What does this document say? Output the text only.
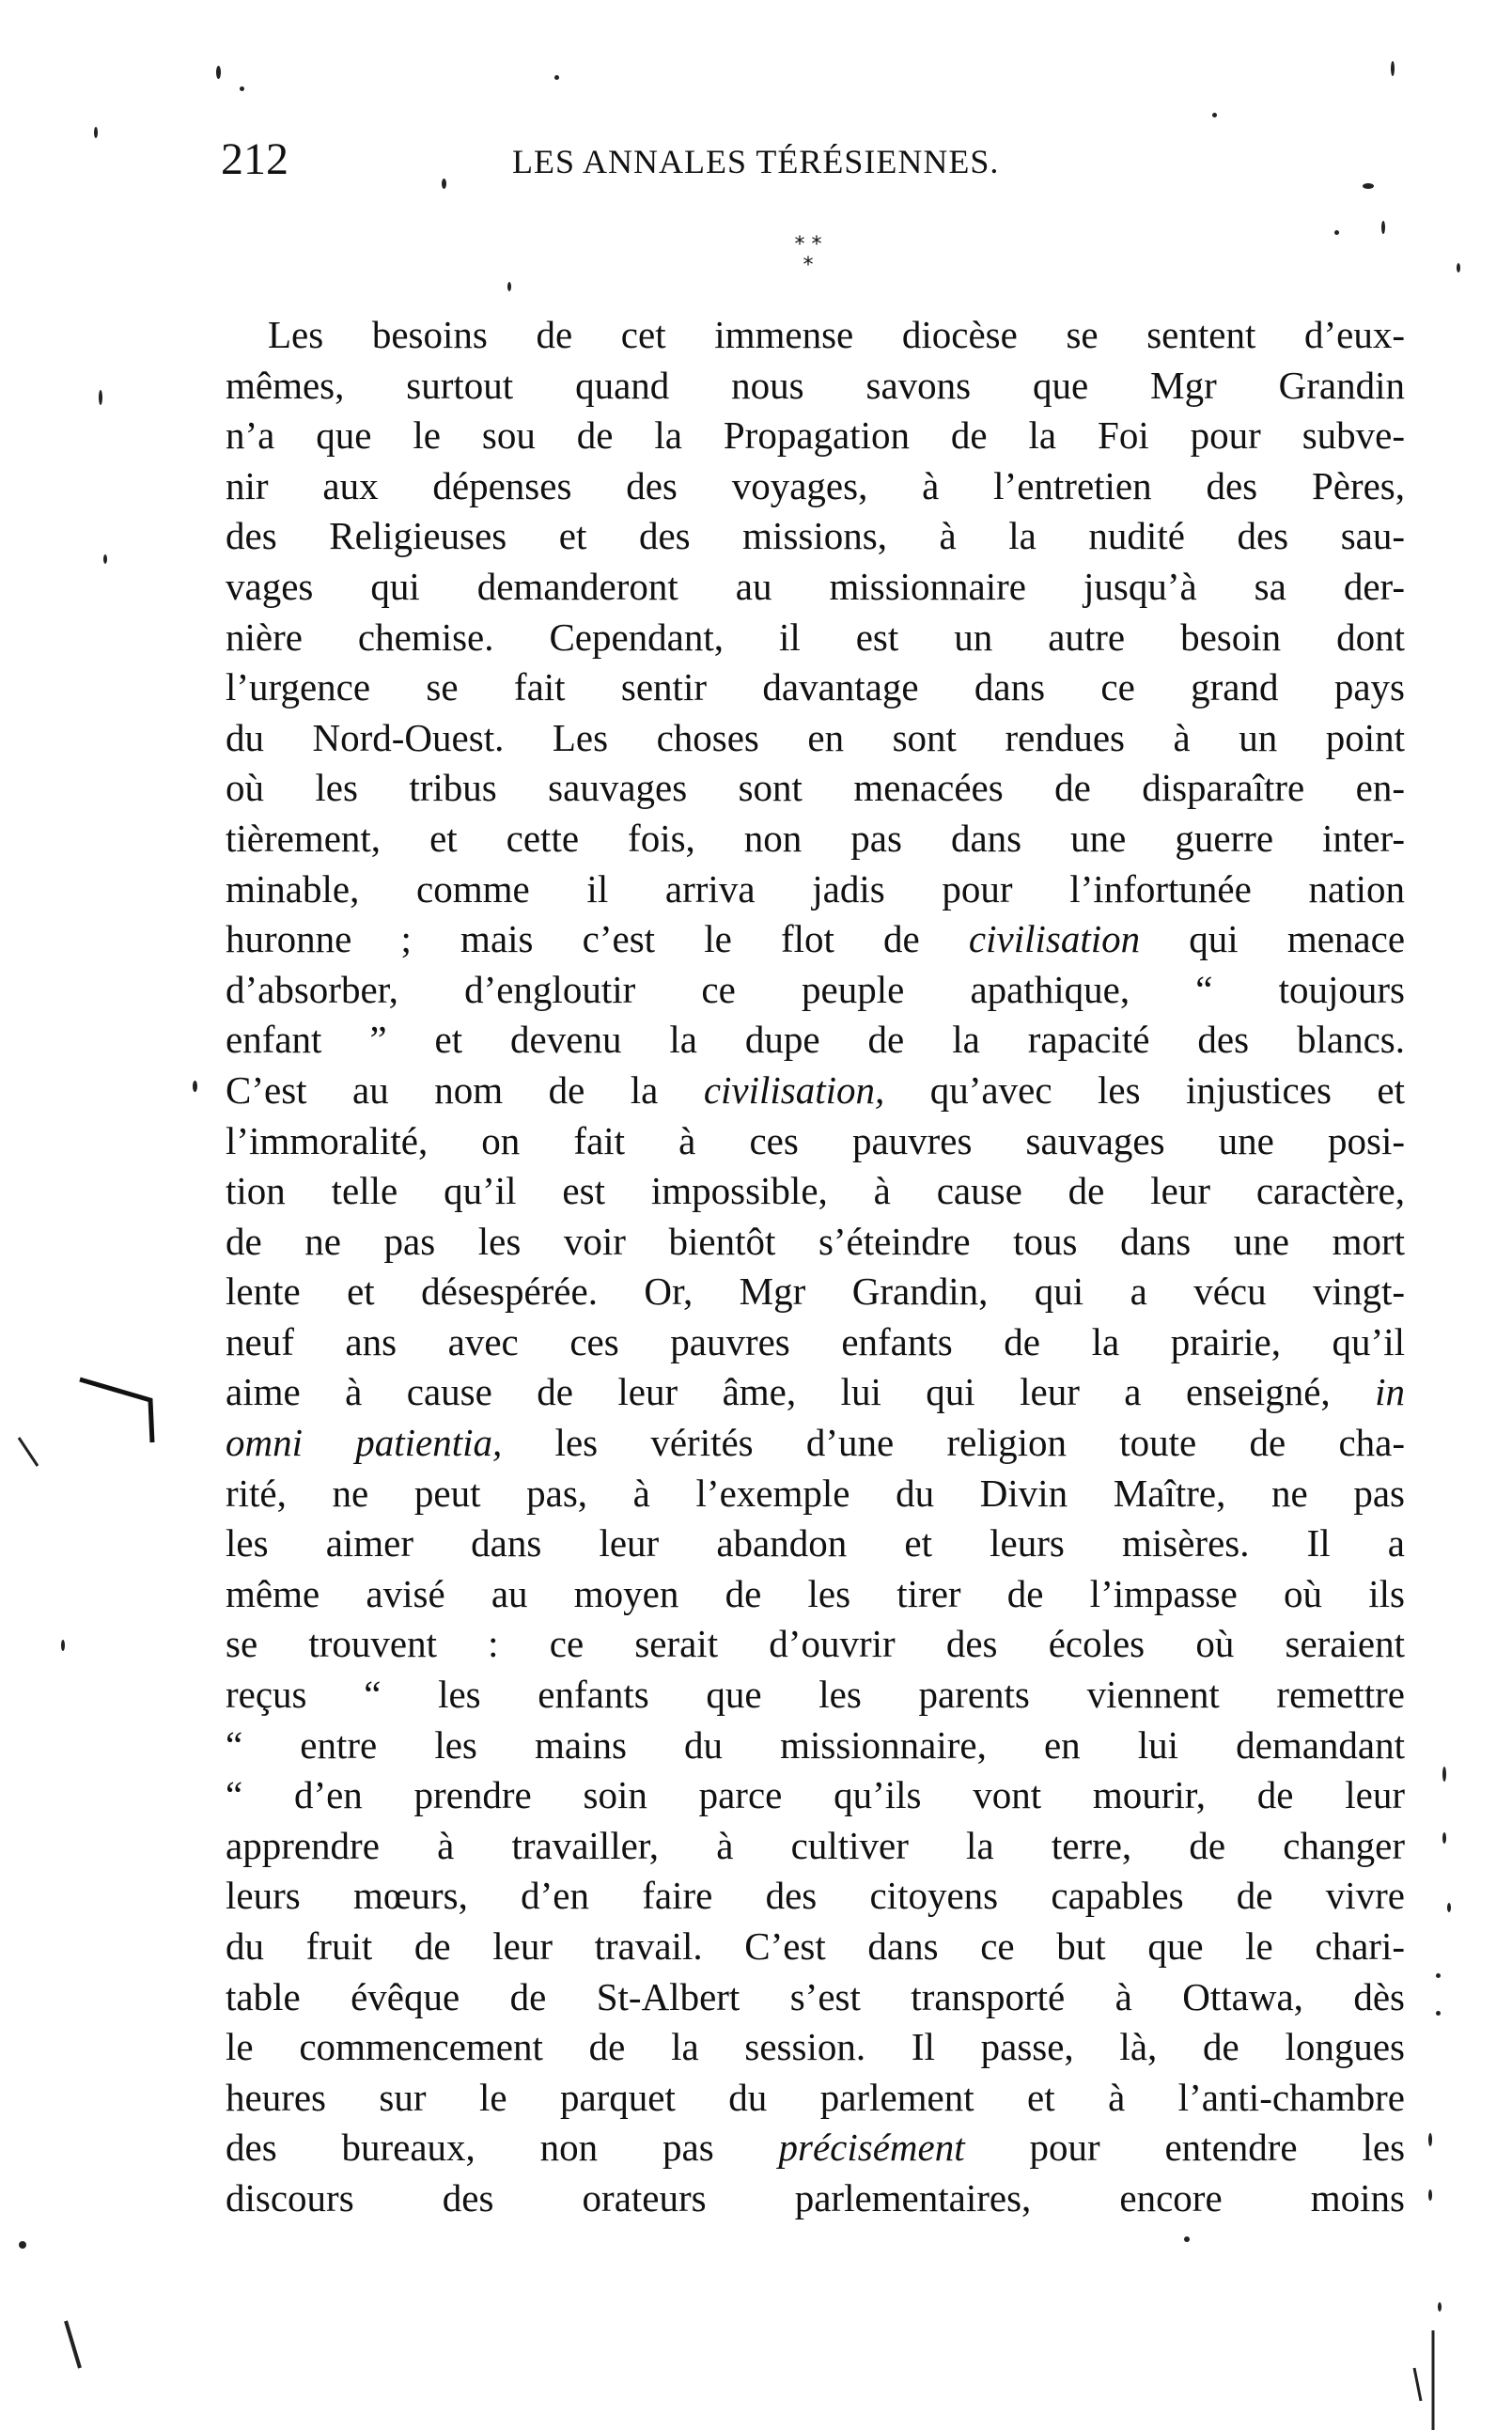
212	LES ANNALES TÉRÉSIENNES.
* *
*
Les besoins de cet immense diocèse se sentent d’eux-
mêmes, surtout quand nous savons que Mgr Grandin
n’a que le sou de la Propagation de la Foi pour subve-
nir aux dépenses des voyages, à l’entretien des Pères,
des Religieuses et des missions, à la nudité des sau-
vages qui demanderont au missionnaire jusqu’à sa der-
nière chemise. Cependant, il est un autre besoin dont
l’urgence se fait sentir davantage dans ce grand pays
du Nord-Ouest. Les choses en sont rendues à un point
où les tribus sauvages sont menacées de disparaître en-
tièrement, et cette fois, non pas dans une guerre inter-
minable, comme il arriva jadis pour l’infortunée nation
huronne ; mais c’est le flot de civilisation qui menace
d’absorber, d’engloutir ce peuple apathique, “ toujours
enfant ” et devenu la dupe de la rapacité des blancs.
C’est au nom de la civilisation, qu’avec les injustices et
l’immoralité, on fait à ces pauvres sauvages une posi-
tion telle qu’il est impossible, à cause de leur caractère,
de ne pas les voir bientôt s’éteindre tous dans une mort
lente et désespérée. Or, Mgr Grandin, qui a vécu vingt-
neuf ans avec ces pauvres enfants de la prairie, qu’il
aime à cause de leur âme, lui qui leur a enseigné, in
omni patientia, les vérités d’une religion toute de cha-
rité, ne peut pas, à l’exemple du Divin Maître, ne pas
les aimer dans leur abandon et leurs misères. Il a
même avisé au moyen de les tirer de l’impasse où ils
se trouvent : ce serait d’ouvrir des écoles où seraient
reçus “ les enfants que les parents viennent remettre
“ entre les mains du missionnaire, en lui demandant
“ d’en prendre soin parce qu’ils vont mourir, de leur
apprendre à travailler, à cultiver la terre, de changer
leurs mœurs, d’en faire des citoyens capables de vivre
du fruit de leur travail. C’est dans ce but que le chari-
table évêque de St-Albert s’est transporté à Ottawa, dès
le commencement de la session. Il passe, là, de longues
heures sur le parquet du parlement et à l’anti-chambre
des bureaux, non pas précisément pour entendre les
discours des orateurs parlementaires, encore moins
